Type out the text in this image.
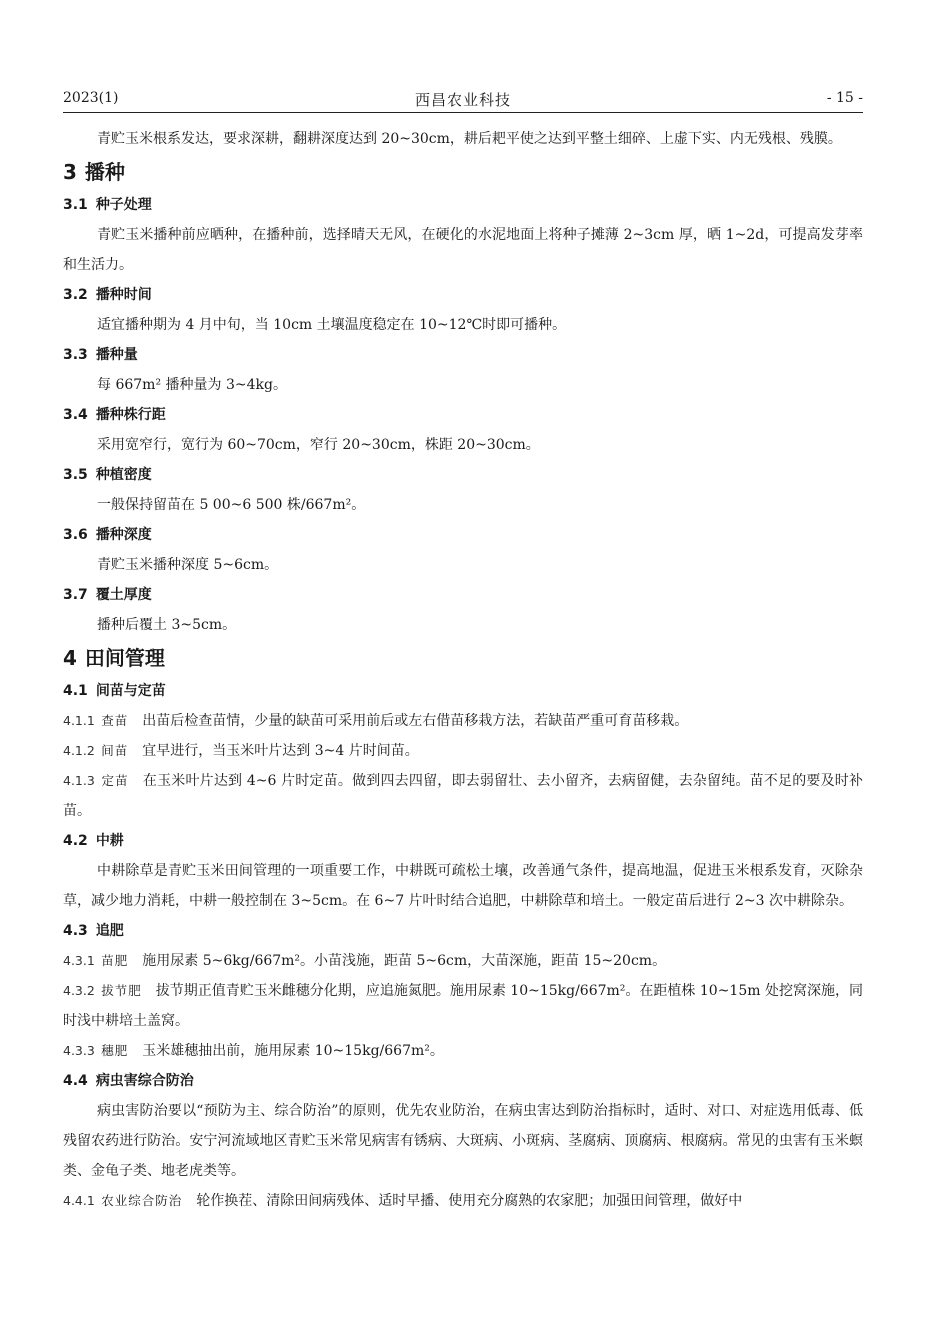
2023(1)	西昌农业科技	- 15 -

青贮玉米根系发达，要求深耕，翻耕深度达到 20~30cm，耕后耙平使之达到平整土细碎、上虚下实、内无残根、残膜。

3 播种
3.1 种子处理

青贮玉米播种前应晒种，在播种前，选择晴天无风，在硬化的水泥地面上将种子摊薄 2~3cm 厚，晒 1~2d，可提高发芽率和生活力。

3.2 播种时间

适宜播种期为 4 月中旬，当 10cm 土壤温度稳定在 10~12℃时即可播种。

3.3 播种量

每 667m² 播种量为 3~4kg。

3.4 播种株行距

采用宽窄行，宽行为 60~70cm，窄行 20~30cm，株距 20~30cm。

3.5 种植密度

一般保持留苗在 5 00~6 500 株/667m²。

3.6 播种深度

青贮玉米播种深度 5~6cm。

3.7 覆土厚度

播种后覆土 3~5cm。

4 田间管理
4.1 间苗与定苗

4.1.1 查苗 出苗后检查苗情，少量的缺苗可采用前后或左右借苗移栽方法，若缺苗严重可育苗移栽。

4.1.2 间苗 宜早进行，当玉米叶片达到 3~4 片时间苗。

4.1.3 定苗 在玉米叶片达到 4~6 片时定苗。做到四去四留，即去弱留壮、去小留齐，去病留健，去杂留纯。苗不足的要及时补苗。

4.2 中耕

中耕除草是青贮玉米田间管理的一项重要工作，中耕既可疏松土壤，改善通气条件，提高地温，促进玉米根系发育，灭除杂草，减少地力消耗，中耕一般控制在 3~5cm。在 6~7 片叶时结合追肥，中耕除草和培土。一般定苗后进行 2~3 次中耕除杂。

4.3 追肥

4.3.1 苗肥 施用尿素 5~6kg/667m²。小苗浅施，距苗 5~6cm，大苗深施，距苗 15~20cm。

4.3.2 拔节肥 拔节期正值青贮玉米雌穗分化期，应追施氮肥。施用尿素 10~15kg/667m²。在距植株 10~15m 处挖窝深施，同时浅中耕培土盖窝。

4.3.3 穗肥 玉米雄穗抽出前，施用尿素 10~15kg/667m²。

4.4 病虫害综合防治

病虫害防治要以“预防为主、综合防治”的原则，优先农业防治，在病虫害达到防治指标时，适时、对口、对症选用低毒、低残留农药进行防治。安宁河流域地区青贮玉米常见病害有锈病、大斑病、小斑病、茎腐病、顶腐病、根腐病。常见的虫害有玉米螟类、金龟子类、地老虎类等。

4.4.1 农业综合防治 轮作换茬、清除田间病残体、适时早播、使用充分腐熟的农家肥；加强田间管理，做好中
